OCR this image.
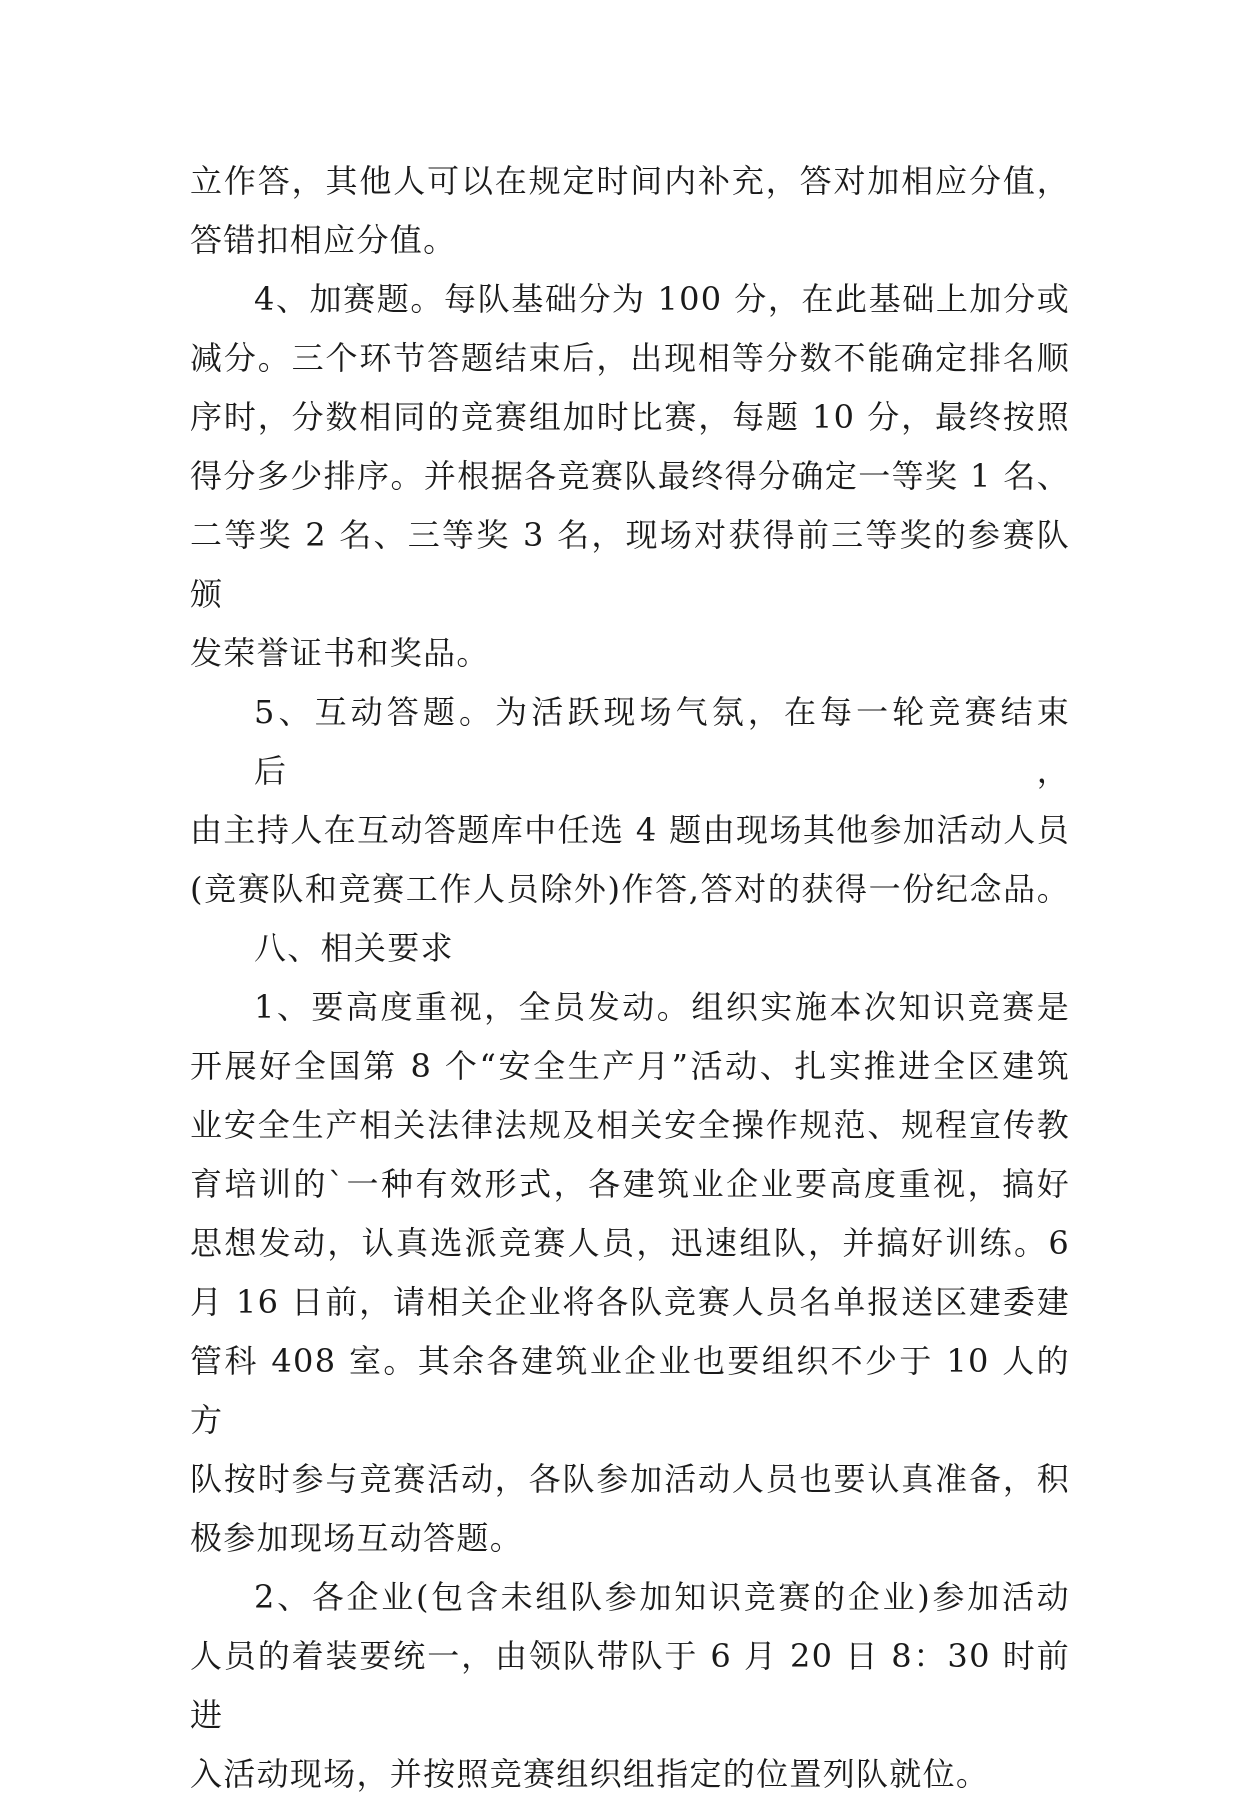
立作答，其他人可以在规定时间内补充，答对加相应分值，
答错扣相应分值。

4、加赛题。每队基础分为 100 分，在此基础上加分或
减分。三个环节答题结束后，出现相等分数不能确定排名顺
序时，分数相同的竞赛组加时比赛，每题 10 分，最终按照
得分多少排序。并根据各竞赛队最终得分确定一等奖 1 名、
二等奖 2 名、三等奖 3 名，现场对获得前三等奖的参赛队颁
发荣誉证书和奖品。

5、互动答题。为活跃现场气氛，在每一轮竞赛结束后，
由主持人在互动答题库中任选 4 题由现场其他参加活动人员
(竞赛队和竞赛工作人员除外)作答,答对的获得一份纪念品。

八、相关要求

1、要高度重视，全员发动。组织实施本次知识竞赛是
开展好全国第 8 个“安全生产月”活动、扎实推进全区建筑
业安全生产相关法律法规及相关安全操作规范、规程宣传教
育培训的`一种有效形式，各建筑业企业要高度重视，搞好
思想发动，认真选派竞赛人员，迅速组队，并搞好训练。6
月 16 日前，请相关企业将各队竞赛人员名单报送区建委建
管科 408 室。其余各建筑业企业也要组织不少于 10 人的方
队按时参与竞赛活动，各队参加活动人员也要认真准备，积
极参加现场互动答题。

2、各企业(包含未组队参加知识竞赛的企业)参加活动
人员的着装要统一，由领队带队于 6 月 20 日 8：30 时前进
入活动现场，并按照竞赛组织组指定的位置列队就位。
